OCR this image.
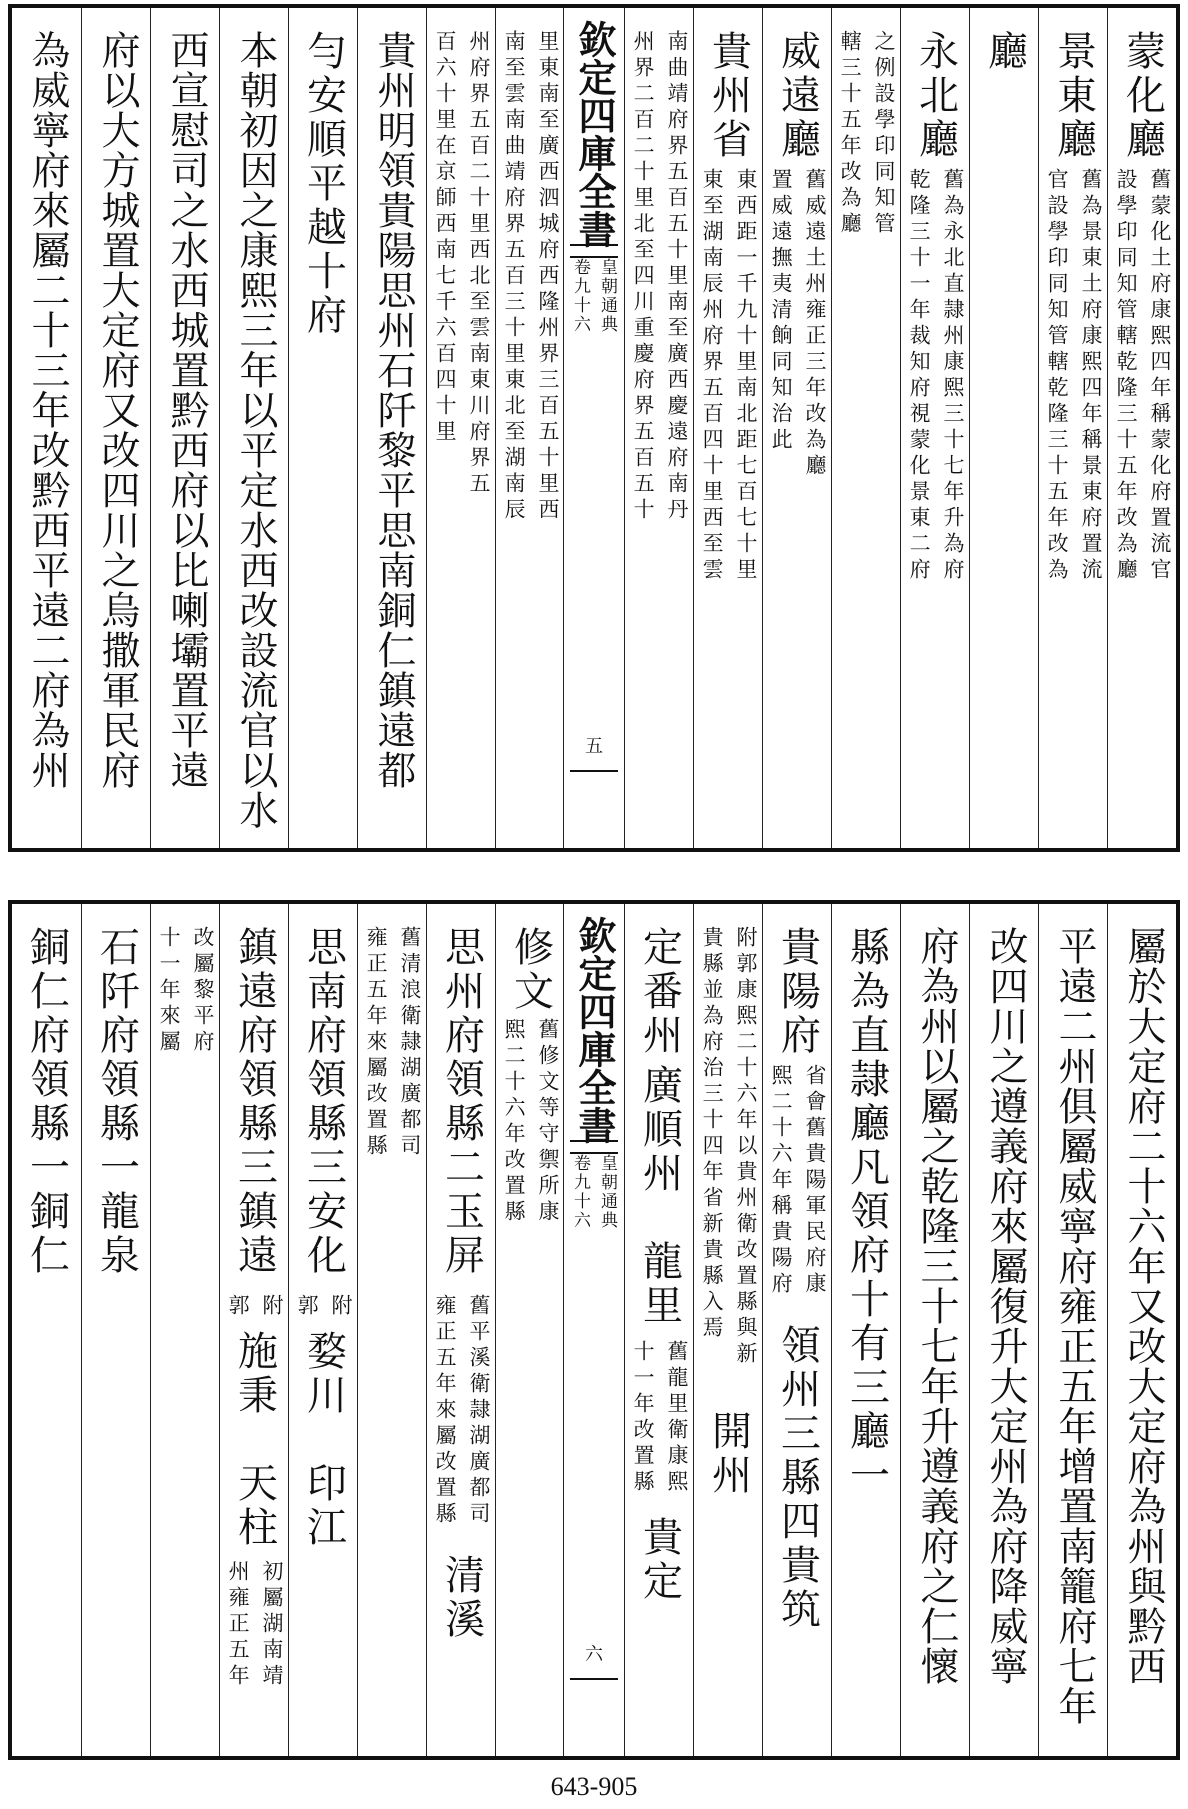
欽定四庫全書
皇朝通典
卷九十六
五
蒙化廳
舊蒙化土府康熙四年稱蒙化府置流官
設學印同知管轄乾隆三十五年改為廳
景東廳
舊為景東土府康熙四年稱景東府置流
官設學印同知管轄乾隆三十五年改為
廳
永北廳
舊為永北直隷州康熙三十七年升為府
乾隆三十一年裁知府視蒙化景東二府
之例設學印同知管
轄三十五年改為廳
威遠廳
舊威遠土州雍正三年改為廳
置威遠撫夷清餉同知治此
貴州省
東西距一千九十里南北距七百七十里
東至湖南辰州府界五百四十里西至雲
南曲靖府界五百五十里南至廣西慶遠府南丹
州界二百二十里北至四川重慶府界五百五十
里東南至廣西泗城府西隆州界三百五十里西
南至雲南曲靖府界五百三十里東北至湖南辰
州府界五百二十里西北至雲南東川府界五
百六十里在京師西南七千六百四十里
貴州明領貴陽思州石阡黎平思南銅仁鎮遠都
勻安順平越十府
本朝初因之康熙三年以平定水西改設流官以水
西宣慰司之水西城置黔西府以比喇壩置平遠
府以大方城置大定府又改四川之烏撒軍民府
為威寧府來屬二十三年改黔西平遠二府為州
欽定四庫全書
皇朝通典
卷九十六
六	屬於大定府二十六年又改大定府為州與黔西
平遠二州俱屬威寧府雍正五年增置南籠府七年
改四川之遵義府來屬復升大定州為府降威寧
府為州以屬之乾隆三十七年升遵義府之仁懷
縣為直隷廳凡領府十有三廳一
貴陽府
省會舊貴陽軍民府康
熙二十六年稱貴陽府
領州三縣四貴筑
附郭康熙二十六年以貴州衛改置縣與新
貴縣並為府治三十四年省新貴縣入焉
開州
定番州
廣順州　龍里
舊龍里衛康熙
十一年改置縣
貴定
修文
舊修文等守禦所康
熙二十六年改置縣
思州府領縣二玉屏
舊平溪衛隷湖廣都司
雍正五年來屬改置縣
清溪
舊清浪衛隷湖廣都司
雍正五年來屬改置縣
思南府領縣三安化
附
郭
婺川　印江
鎮遠府領縣三鎮遠
附
郭
施秉　天柱
初屬湖南靖
州雍正五年
改屬黎平府
十一年來屬
石阡府領縣一龍泉
銅仁府領縣一銅仁
643-905
